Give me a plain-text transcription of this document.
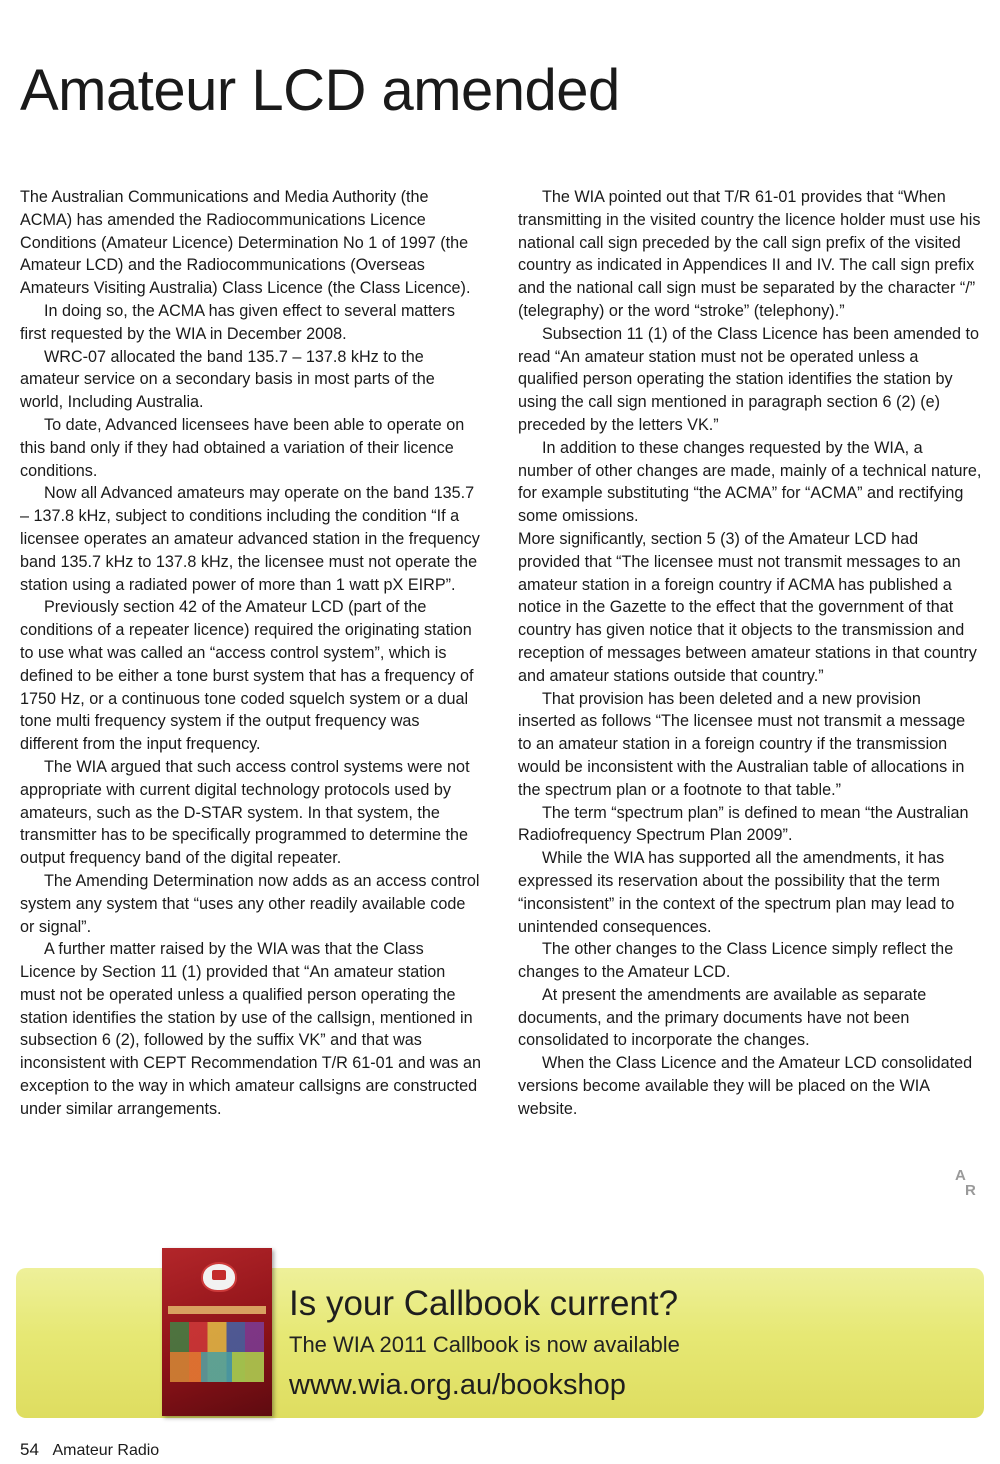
Amateur LCD amended

The Australian Communications and Media Authority (the ACMA) has amended the Radiocommunications Licence Conditions (Amateur Licence) Determination No 1 of 1997 (the Amateur LCD) and the Radiocommunications (Overseas Amateurs Visiting Australia) Class Licence (the Class Licence).

In doing so, the ACMA has given effect to several matters first requested by the WIA in December 2008.

WRC-07 allocated the band 135.7 – 137.8 kHz to the amateur service on a secondary basis in most parts of the world, Including Australia.

To date, Advanced licensees have been able to operate on this band only if they had obtained a variation of their licence conditions.

Now all Advanced amateurs may operate on the band 135.7 – 137.8 kHz, subject to conditions including the condition “If a licensee operates an amateur advanced station in the frequency band 135.7 kHz to 137.8 kHz, the licensee must not operate the station using a radiated power of more than 1 watt pX EIRP”.

Previously section 42 of the Amateur LCD (part of the conditions of a repeater licence) required the originating station to use what was called an “access control system”, which is defined to be either a tone burst system that has a frequency of 1750 Hz, or a continuous tone coded squelch system or a dual tone multi frequency system if the output frequency was different from the input frequency.

The WIA argued that such access control systems were not appropriate with current digital technology protocols used by amateurs, such as the D-STAR system. In that system, the transmitter has to be specifically programmed to determine the output frequency band of the digital repeater.

The Amending Determination now adds as an access control system any system that “uses any other readily available code or signal”.

A further matter raised by the WIA was that the Class Licence by Section 11 (1) provided that “An amateur station must not be operated unless a qualified person operating the station identifies the station by use of the callsign, mentioned in subsection 6 (2), followed by the suffix VK” and that was inconsistent with CEPT Recommendation T/R 61-01 and was an exception to the way in which amateur callsigns are constructed under similar arrangements.

The WIA pointed out that T/R 61-01 provides that “When transmitting in the visited country the licence holder must use his national call sign preceded by the call sign prefix of the visited country as indicated in Appendices II and IV. The call sign prefix and the national call sign must be separated by the character “/” (telegraphy) or the word “stroke” (telephony).”

Subsection 11 (1) of the Class Licence has been amended to read “An amateur station must not be operated unless a qualified person operating the station identifies the station by using the call sign mentioned in paragraph section 6 (2) (e) preceded by the letters VK.”

In addition to these changes requested by the WIA, a number of other changes are made, mainly of a technical nature, for example substituting “the ACMA” for “ACMA” and rectifying some omissions.

More significantly, section 5 (3) of the Amateur LCD had provided that “The licensee must not transmit messages to an amateur station in a foreign country if ACMA has published a notice in the Gazette to the effect that the government of that country has given notice that it objects to the transmission and reception of messages between amateur stations in that country and amateur stations outside that country.”

That provision has been deleted and a new provision inserted as follows “The licensee must not transmit a message to an amateur station in a foreign country if the transmission would be inconsistent with the Australian table of allocations in the spectrum plan or a footnote to that table.”

The term “spectrum plan” is defined to mean “the Australian Radiofrequency Spectrum Plan 2009”.

While the WIA has supported all the amendments, it has expressed its reservation about the possibility that the term “inconsistent” in the context of the spectrum plan may lead to unintended consequences.

The other changes to the Class Licence simply reflect the changes to the Amateur LCD.

At present the amendments are available as separate documents, and the primary documents have not been consolidated to incorporate the changes.

When the Class Licence and the Amateur LCD consolidated versions become available they will be placed on the WIA website.

A
R
Is your Callbook current?
The WIA 2011 Callbook is now available
www.wia.org.au/bookshop
54 Amateur Radio
